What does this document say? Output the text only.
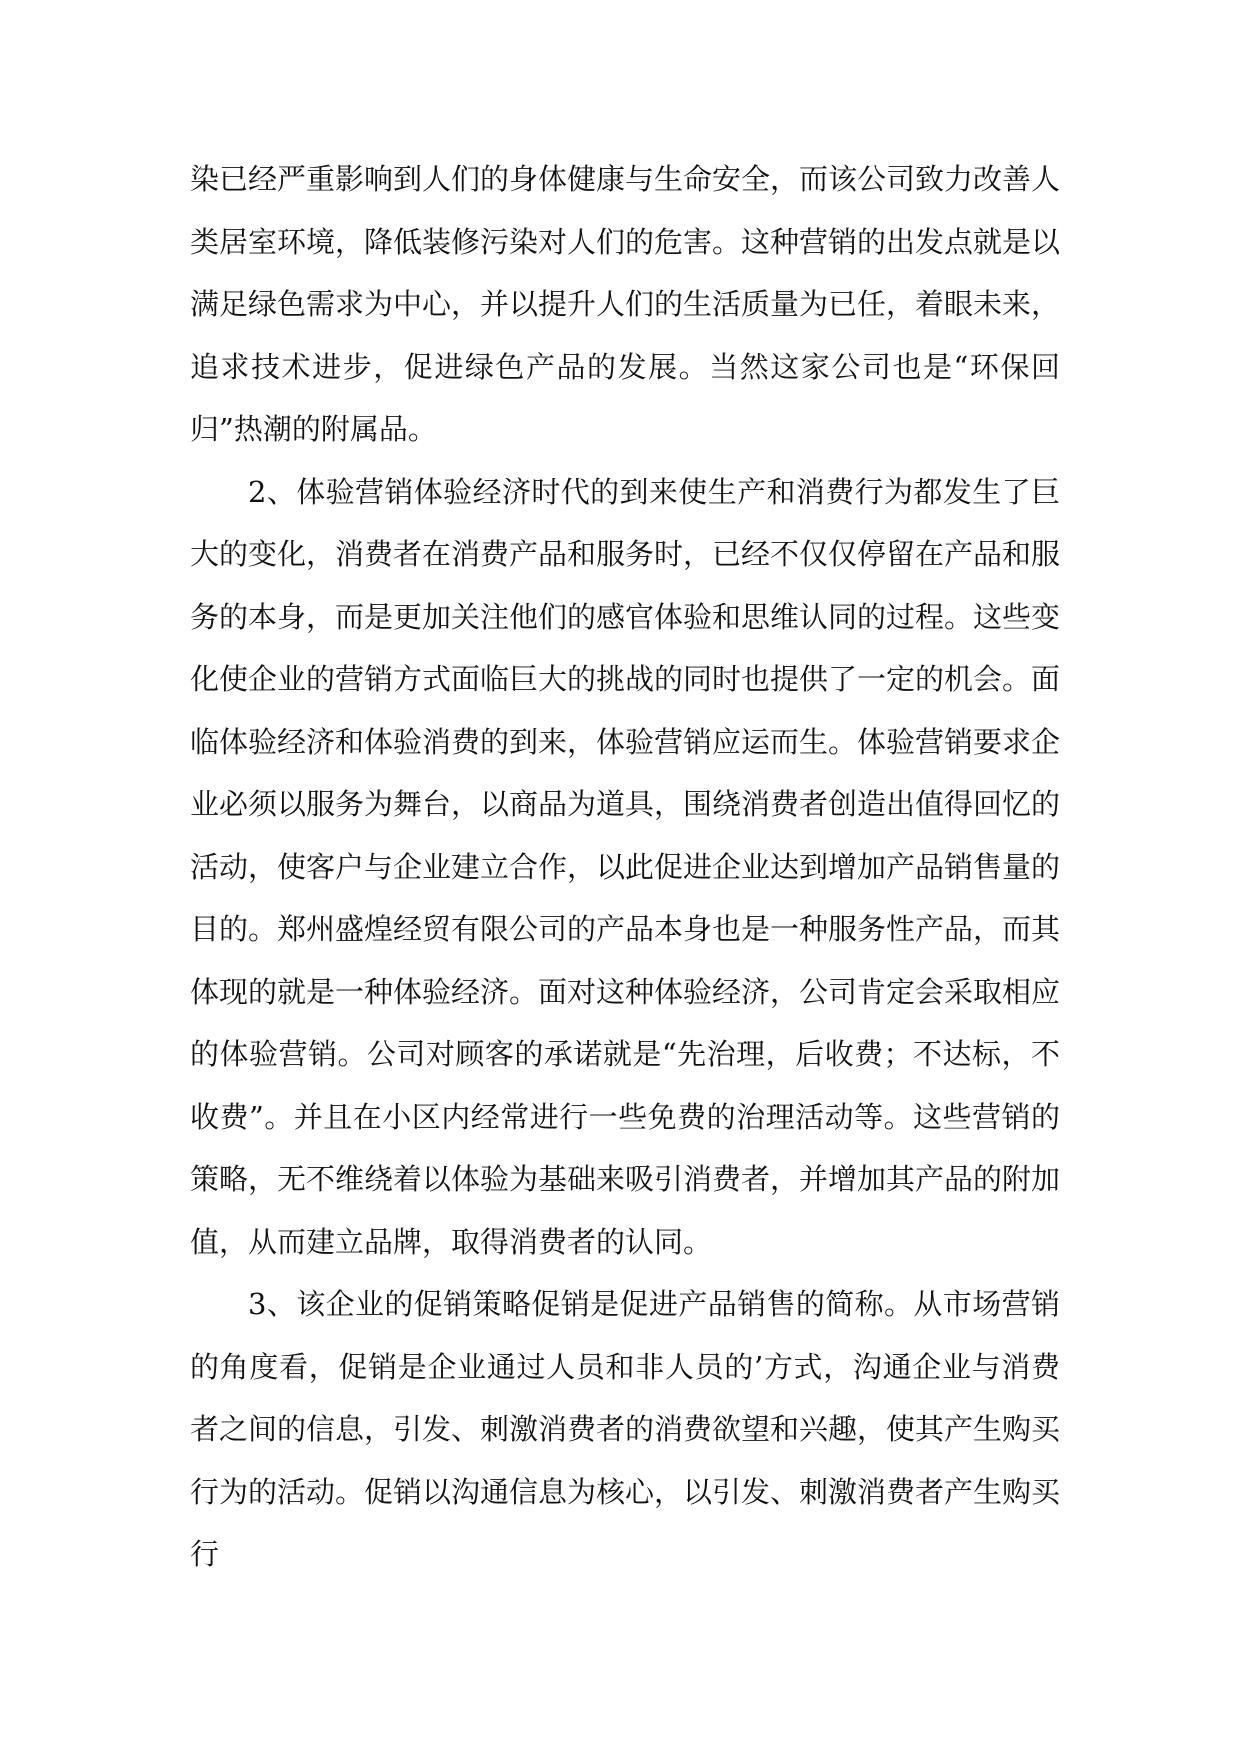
染已经严重影响到人们的身体健康与生命安全，而该公司致力改善人类居室环境，降低装修污染对人们的危害。这种营销的出发点就是以满足绿色需求为中心，并以提升人们的生活质量为已任，着眼未来，追求技术进步，促进绿色产品的发展。当然这家公司也是“环保回归”热潮的附属品。

2、体验营销体验经济时代的到来使生产和消费行为都发生了巨大的变化，消费者在消费产品和服务时，已经不仅仅停留在产品和服务的本身，而是更加关注他们的感官体验和思维认同的过程。这些变化使企业的营销方式面临巨大的挑战的同时也提供了一定的机会。面临体验经济和体验消费的到来，体验营销应运而生。体验营销要求企业必须以服务为舞台，以商品为道具，围绕消费者创造出值得回忆的活动，使客户与企业建立合作，以此促进企业达到增加产品销售量的目的。郑州盛煌经贸有限公司的产品本身也是一种服务性产品，而其体现的就是一种体验经济。面对这种体验经济，公司肯定会采取相应的体验营销。公司对顾客的承诺就是“先治理，后收费；不达标，不收费”。并且在小区内经常进行一些免费的治理活动等。这些营销的策略，无不维绕着以体验为基础来吸引消费者，并增加其产品的附加值，从而建立品牌，取得消费者的认同。

3、该企业的促销策略促销是促进产品销售的简称。从市场营销的角度看，促销是企业通过人员和非人员的’方式，沟通企业与消费者之间的信息，引发、刺激消费者的消费欲望和兴趣，使其产生购买行为的活动。促销以沟通信息为核心，以引发、刺激消费者产生购买行
